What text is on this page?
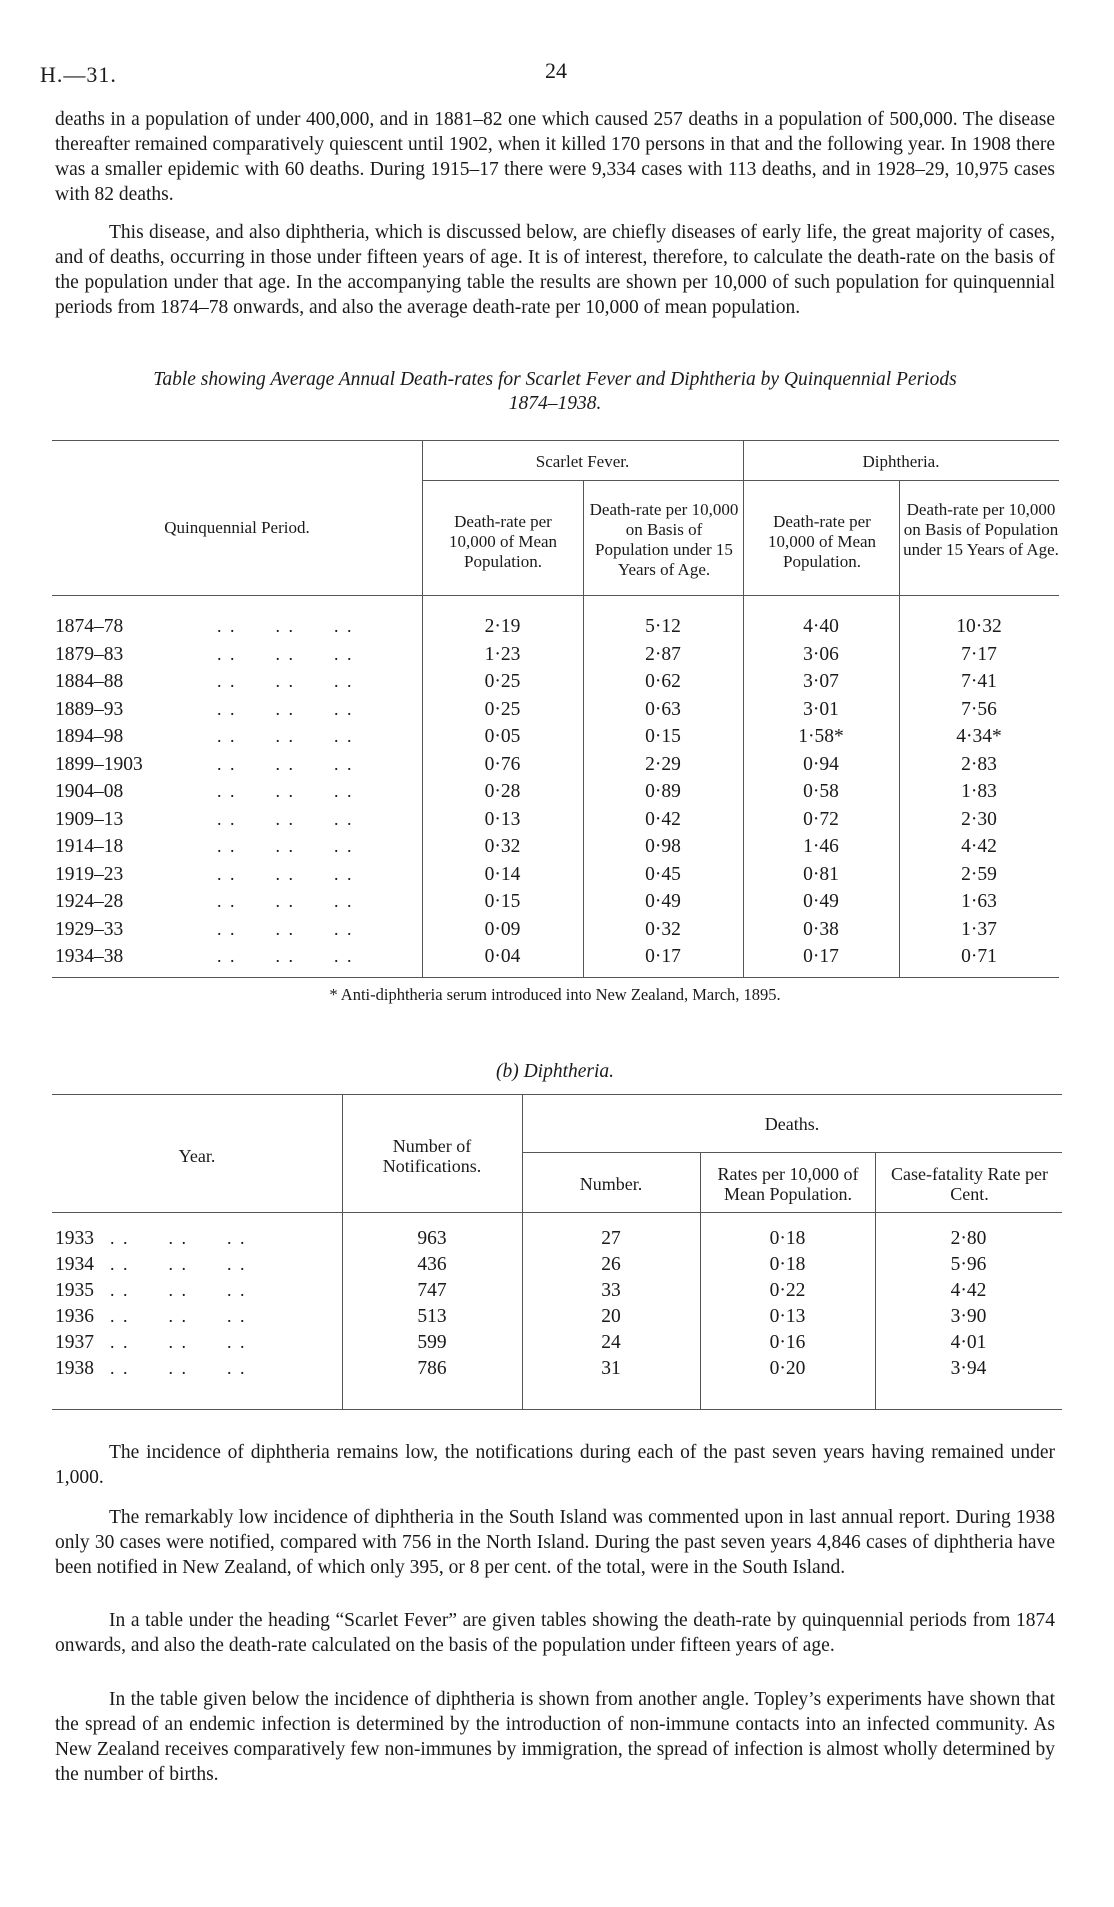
H.—31.	24
deaths in a population of under 400,000, and in 1881–82 one which caused 257 deaths in a population of 500,000. The disease thereafter remained comparatively quiescent until 1902, when it killed 170 persons in that and the following year. In 1908 there was a smaller epidemic with 60 deaths. During 1915–17 there were 9,334 cases with 113 deaths, and in 1928–29, 10,975 cases with 82 deaths.
This disease, and also diphtheria, which is discussed below, are chiefly diseases of early life, the great majority of cases, and of deaths, occurring in those under fifteen years of age. It is of interest, therefore, to calculate the death-rate on the basis of the population under that age. In the accompanying table the results are shown per 10,000 of such population for quinquennial periods from 1874–78 onwards, and also the average death-rate per 10,000 of mean population.
Table showing Average Annual Death-rates for Scarlet Fever and Diphtheria by Quinquennial Periods
1874–1938.
Quinquennial Period.
Scarlet Fever.	Diphtheria.
Death-rate per 10,000 of Mean Population.
Death-rate per 10,000 on Basis of Population under 15 Years of Age.
Death-rate per 10,000 of Mean Population.
Death-rate per 10,000 on Basis of Population under 15 Years of Age.
1874–78	. .      . .      . .	2·19	5·12	4·40	10·32
1879–83	. .      . .      . .	1·23	2·87	3·06	7·17
1884–88	. .      . .      . .	0·25	0·62	3·07	7·41
1889–93	. .      . .      . .	0·25	0·63	3·01	7·56
1894–98	. .      . .      . .	0·05	0·15	1·58*	4·34*
1899–1903	. .      . .      . .	0·76	2·29	0·94	2·83
1904–08	. .      . .      . .	0·28	0·89	0·58	1·83
1909–13	. .      . .      . .	0·13	0·42	0·72	2·30
1914–18	. .      . .      . .	0·32	0·98	1·46	4·42
1919–23	. .      . .      . .	0·14	0·45	0·81	2·59
1924–28	. .      . .      . .	0·15	0·49	0·49	1·63
1929–33	. .      . .      . .	0·09	0·32	0·38	1·37
1934–38	. .      . .      . .	0·04	0·17	0·17	0·71
* Anti-diphtheria serum introduced into New Zealand, March, 1895.
(b) Diphtheria.
Year.	Number of Notifications.
Deaths.
Number.	Rates per 10,000 of Mean Population.
Case-fatality Rate per Cent.
1933 . .      . .      . .	963	27	0·18	2·80
1934 . .      . .      . .	436	26	0·18	5·96
1935 . .      . .      . .	747	33	0·22	4·42
1936 . .      . .      . .	513	20	0·13	3·90
1937 . .      . .      . .	599	24	0·16	4·01
1938 . .      . .      . .	786	31	0·20	3·94
The incidence of diphtheria remains low, the notifications during each of the past seven years having remained under 1,000.
The remarkably low incidence of diphtheria in the South Island was commented upon in last annual report. During 1938 only 30 cases were notified, compared with 756 in the North Island. During the past seven years 4,846 cases of diphtheria have been notified in New Zealand, of which only 395, or 8 per cent. of the total, were in the South Island.
In a table under the heading “Scarlet Fever” are given tables showing the death-rate by quinquennial periods from 1874 onwards, and also the death-rate calculated on the basis of the population under fifteen years of age.
In the table given below the incidence of diphtheria is shown from another angle. Topley’s experiments have shown that the spread of an endemic infection is determined by the introduction of non-immune contacts into an infected community. As New Zealand receives comparatively few non-immunes by immigration, the spread of infection is almost wholly determined by the number of births.
